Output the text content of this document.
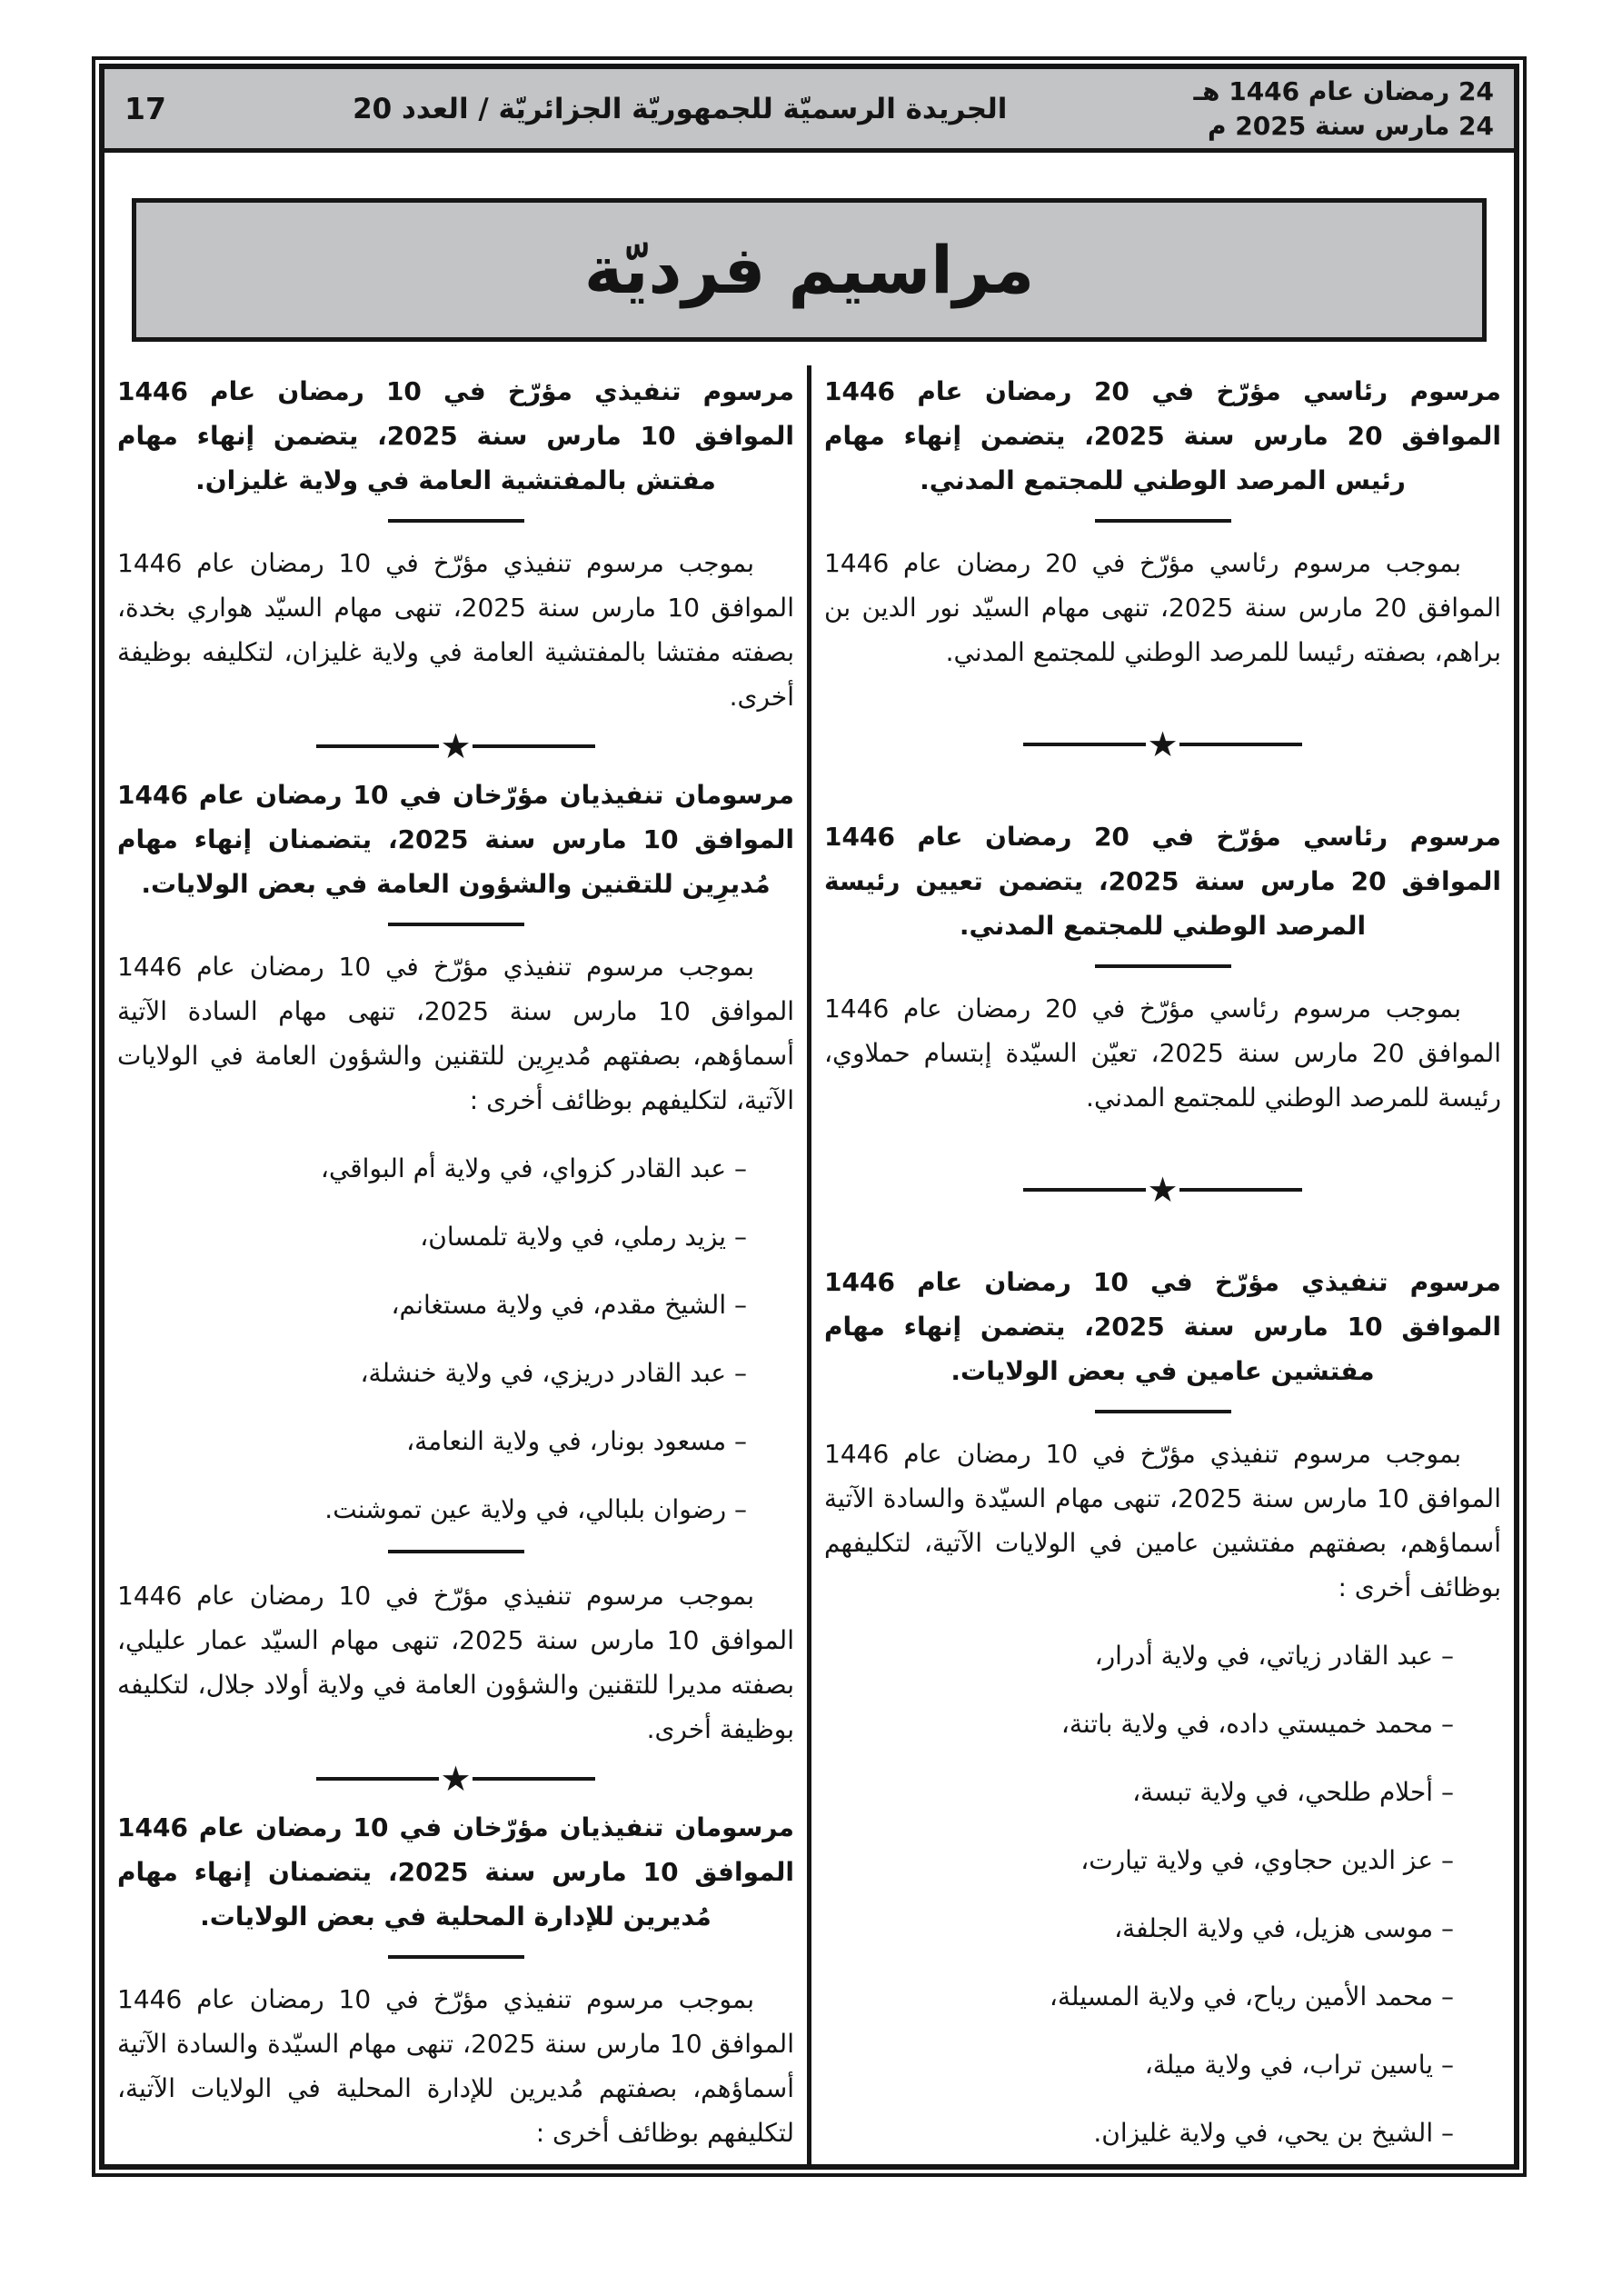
24 رمضان عام 1446 هـ
24 مارس سنة 2025 م
الجريدة الرسميّة للجمهوريّة الجزائريّة / العدد 20
17
مراسيم فرديّة

مرسوم رئاسي مؤرّخ في 20 رمضان عام 1446 الموافق 20 مارس سنة 2025، يتضمن إنهاء مهام رئيس المرصد الوطني للمجتمع المدني.

بموجب مرسوم رئاسي مؤرّخ في 20 رمضان عام 1446 الموافق 20 مارس سنة 2025، تنهى مهام السيّد نور الدين بن براهم، بصفته رئيسا للمرصد الوطني للمجتمع المدني.

★

مرسوم رئاسي مؤرّخ في 20 رمضان عام 1446 الموافق 20 مارس سنة 2025، يتضمن تعيين رئيسة المرصد الوطني للمجتمع المدني.

بموجب مرسوم رئاسي مؤرّخ في 20 رمضان عام 1446 الموافق 20 مارس سنة 2025، تعيّن السيّدة إبتسام حملاوي، رئيسة للمرصد الوطني للمجتمع المدني.

★

مرسوم تنفيذي مؤرّخ في 10 رمضان عام 1446 الموافق 10 مارس سنة 2025، يتضمن إنهاء مهام مفتشين عامين في بعض الولايات.

بموجب مرسوم تنفيذي مؤرّخ في 10 رمضان عام 1446 الموافق 10 مارس سنة 2025، تنهى مهام السيّدة والسادة الآتية أسماؤهم، بصفتهم مفتشين عامين في الولايات الآتية، لتكليفهم بوظائف أخرى :

– عبد القادر زياتي، في ولاية أدرار،
– محمد خميستي داده، في ولاية باتنة،
– أحلام طلحي، في ولاية تبسة،
– عز الدين حجاوي، في ولاية تيارت،
– موسى هزيل، في ولاية الجلفة،
– محمد الأمين رياح، في ولاية المسيلة،
– ياسين تراب، في ولاية ميلة،
– الشيخ بن يحي، في ولاية غليزان.

مرسوم تنفيذي مؤرّخ في 10 رمضان عام 1446 الموافق 10 مارس سنة 2025، يتضمن إنهاء مهام مفتش بالمفتشية العامة في ولاية غليزان.

بموجب مرسوم تنفيذي مؤرّخ في 10 رمضان عام 1446 الموافق 10 مارس سنة 2025، تنهى مهام السيّد هواري بخدة، بصفته مفتشا بالمفتشية العامة في ولاية غليزان، لتكليفه بوظيفة أخرى.

★

مرسومان تنفيذيان مؤرّخان في 10 رمضان عام 1446 الموافق 10 مارس سنة 2025، يتضمنان إنهاء مهام مُديرِين للتقنين والشؤون العامة في بعض الولايات.

بموجب مرسوم تنفيذي مؤرّخ في 10 رمضان عام 1446 الموافق 10 مارس سنة 2025، تنهى مهام السادة الآتية أسماؤهم، بصفتهم مُديرِين للتقنين والشؤون العامة في الولايات الآتية، لتكليفهم بوظائف أخرى :

– عبد القادر كزواي، في ولاية أم البواقي،
– يزيد رملي، في ولاية تلمسان،
– الشيخ مقدم، في ولاية مستغانم،
– عبد القادر دريزي، في ولاية خنشلة،
– مسعود بونار، في ولاية النعامة،
– رضوان بلبالي، في ولاية عين تموشنت.

بموجب مرسوم تنفيذي مؤرّخ في 10 رمضان عام 1446 الموافق 10 مارس سنة 2025، تنهى مهام السيّد عمار عليلي، بصفته مديرا للتقنين والشؤون العامة في ولاية أولاد جلال، لتكليفه بوظيفة أخرى.

★

مرسومان تنفيذيان مؤرّخان في 10 رمضان عام 1446 الموافق 10 مارس سنة 2025، يتضمنان إنهاء مهام مُديرين للإدارة المحلية في بعض الولايات.

بموجب مرسوم تنفيذي مؤرّخ في 10 رمضان عام 1446 الموافق 10 مارس سنة 2025، تنهى مهام السيّدة والسادة الآتية أسماؤهم، بصفتهم مُديرين للإدارة المحلية في الولايات الآتية، لتكليفهم بوظائف أخرى :
